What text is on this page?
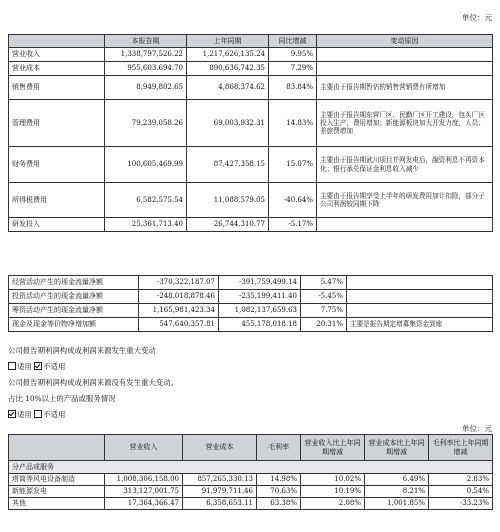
单位：元
	本报告期	上年同期	同比增减	变动原因
营业收入	1,338,797,526.22	1,217,626,135.24	9.95%	
营业成本	955,603,694.70	890,636,742.35	7.29%	
销售费用	8,949,802.65	4,868,374.62	83.84%	主要由于报告期暂估的销售营销费有所增加
管理费用	79,239,058.26	69,003,932.31	14.83%	主要由于报告期东营厂区、民勤厂区开工建设，包头厂区投入生产，费用增加；新能源板块加大开发力度，人员、差旅费增加
财务费用	100,605,469.99	87,427,358.15	15.07%	主要由于报告期武川项目并网发电后，融资利息不再资本化；银行承兑保证金利息收入减少
所得税费用	6,582,575.54	11,088,579.05	-40.64%	主要由于报告期享受上半年的研发费用加计扣除，部分子公司利润较同期下降
研发投入	25,361,713.40	26,744,310.77	-5.17%	
经营活动产生的现金流量净额	-370,322,187.07	-391,759,499.14	5.47%	
投资活动产生的现金流量净额	-248,018,878.46	-235,199,411.40	-5.45%	
筹资活动产生的现金流量净额	1,165,981,423.34	1,082,137,659.63	7.75%	
现金及现金等价物净增加额	547,640,357.81	455,178,018.18	20.31%	主要是报告期定增募集资金到账
公司报告期利润构成或利润来源发生重大变动
适用 不适用
公司报告期利润构成或利润来源没有发生重大变动。
占比 10%以上的产品或服务情况
适用 不适用
单位：元
	营业收入	营业成本	毛利率	营业收入比上年同期增减	营业成本比上年同期增减	毛利率比上年同期增减
分产品或服务						
塔筒等风电设备制造	1,008,306,158.00	857,265,330.13	14.98%	10.02%	6.49%	2.83%
新能源发电	313,127,001.75	91,979,711.46	70.63%	10.19%	8.21%	0.54%
其他	17,364,366.47	6,358,653.11	63.38%	2.08%	1,001.85%	-33.23%
